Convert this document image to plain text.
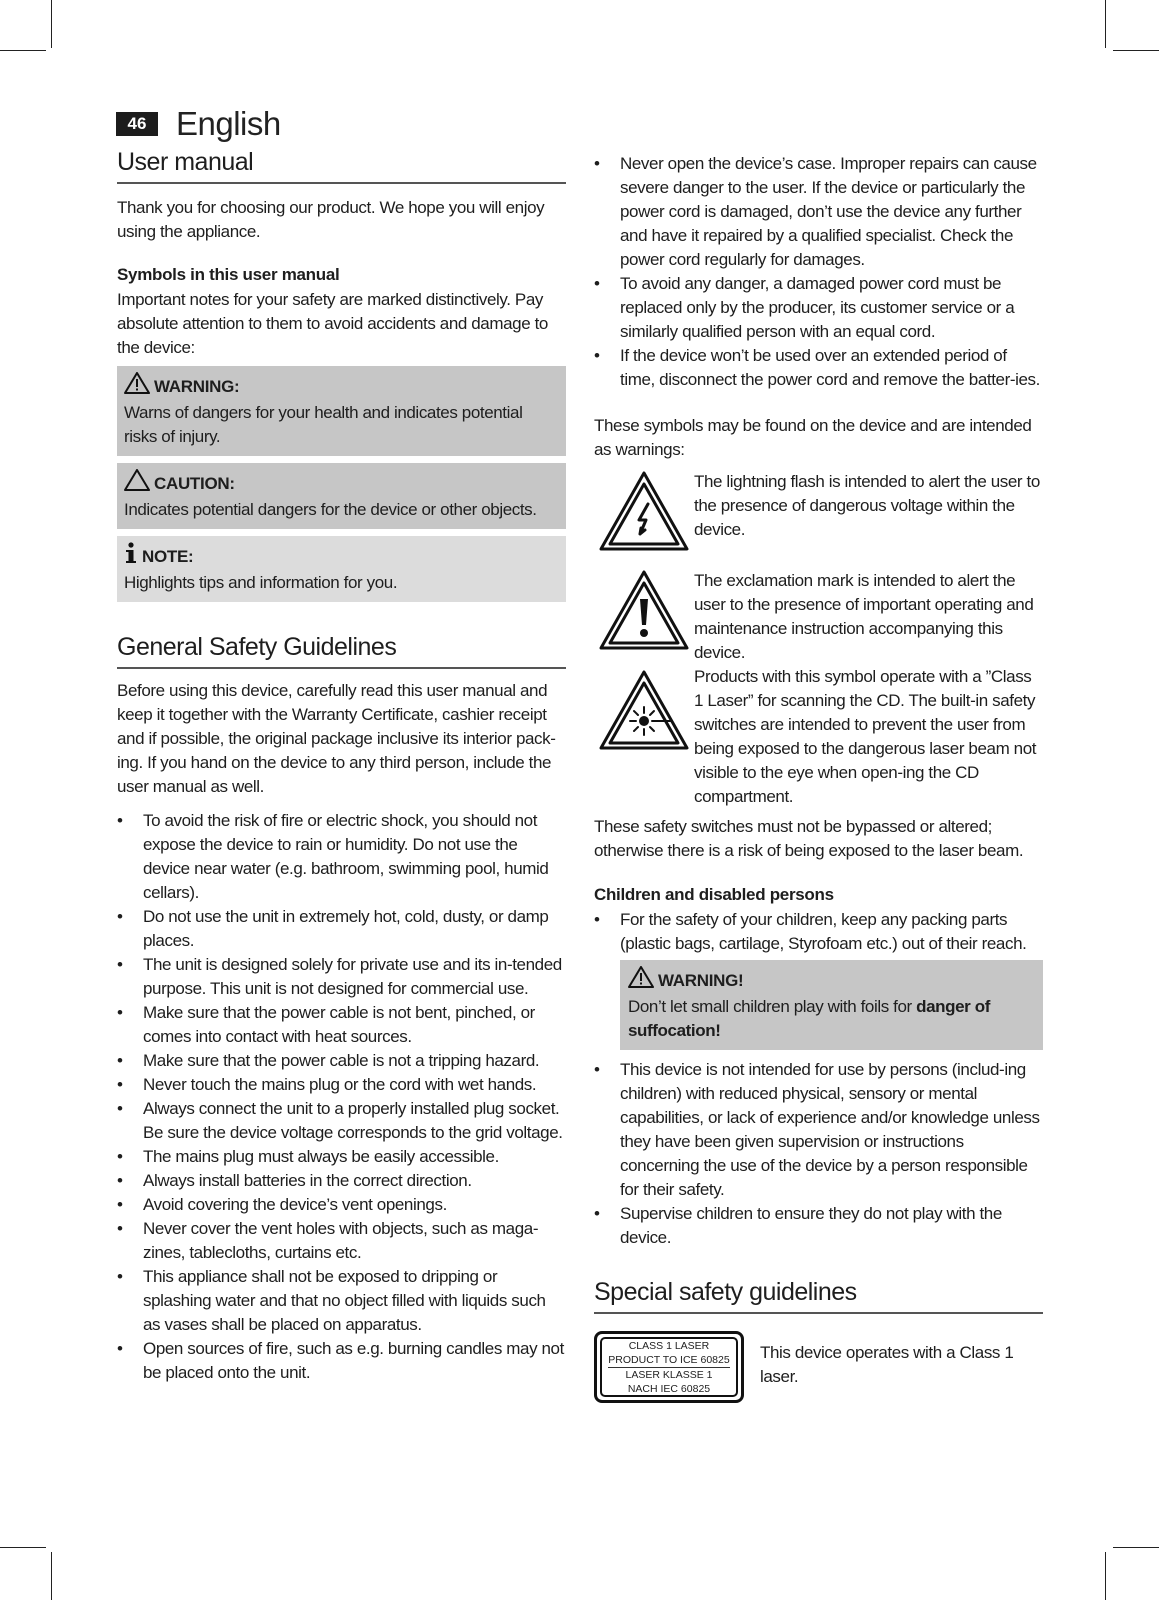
46 English
User manual

Thank you for choosing our product. We hope you will enjoy using the appliance.

Symbols in this user manual

Important notes for your safety are marked distinctively. Pay absolute attention to them to avoid accidents and damage to the device:

WARNING:
Warns of dangers for your health and indicates potential risks of injury.
CAUTION:
Indicates potential dangers for the device or other objects.
NOTE:
Highlights tips and information for you.
General Safety Guidelines

Before using this device, carefully read this user manual and keep it together with the Warranty Certificate, cashier receipt and if possible, the original package inclusive its interior pack-ing. If you hand on the device to any third person, include the user manual as well.

• To avoid the risk of fire or electric shock, you should not expose the device to rain or humidity. Do not use the device near water (e.g. bathroom, swimming pool, humid cellars).
• Do not use the unit in extremely hot, cold, dusty, or damp places.
• The unit is designed solely for private use and its in-tended purpose. This unit is not designed for commercial use.
• Make sure that the power cable is not bent, pinched, or comes into contact with heat sources.
• Make sure that the power cable is not a tripping hazard.
• Never touch the mains plug or the cord with wet hands.
• Always connect the unit to a properly installed plug socket. Be sure the device voltage corresponds to the grid voltage.
• The mains plug must always be easily accessible.
• Always install batteries in the correct direction.
• Avoid covering the device’s vent openings.
• Never cover the vent holes with objects, such as maga-zines, tablecloths, curtains etc.
• This appliance shall not be exposed to dripping or splashing water and that no object filled with liquids such as vases shall be placed on apparatus.
• Open sources of fire, such as e.g. burning candles may not be placed onto the unit.
• Never open the device’s case. Improper repairs can cause severe danger to the user. If the device or particularly the power cord is damaged, don’t use the device any further and have it repaired by a qualified specialist. Check the power cord regularly for damages.
• To avoid any danger, a damaged power cord must be replaced only by the producer, its customer service or a similarly qualified person with an equal cord.
• If the device won’t be used over an extended period of time, disconnect the power cord and remove the batter-ies.

These symbols may be found on the device and are intended as warnings:

The lightning flash is intended to alert the user to the presence of dangerous voltage within the device.
The exclamation mark is intended to alert the user to the presence of important operating and maintenance instruction accompanying this device.
Products with this symbol operate with a ”Class 1 Laser” for scanning the CD. The built-in safety switches are intended to prevent the user from being exposed to the dangerous laser beam not visible to the eye when open-ing the CD compartment.

These safety switches must not be bypassed or altered; otherwise there is a risk of being exposed to the laser beam.

Children and disabled persons
• For the safety of your children, keep any packing parts (plastic bags, cartilage, Styrofoam etc.) out of their reach.
WARNING!
Don’t let small children play with foils for danger of suffocation!
• This device is not intended for use by persons (includ-ing children) with reduced physical, sensory or mental capabilities, or lack of experience and/or knowledge unless they have been given supervision or instructions concerning the use of the device by a person responsible for their safety.
• Supervise children to ensure they do not play with the device.
Special safety guidelines
CLASS 1 LASER
PRODUCT TO ICE 60825
LASER KLASSE 1
NACH IEC 60825
This device operates with a Class 1 laser.
